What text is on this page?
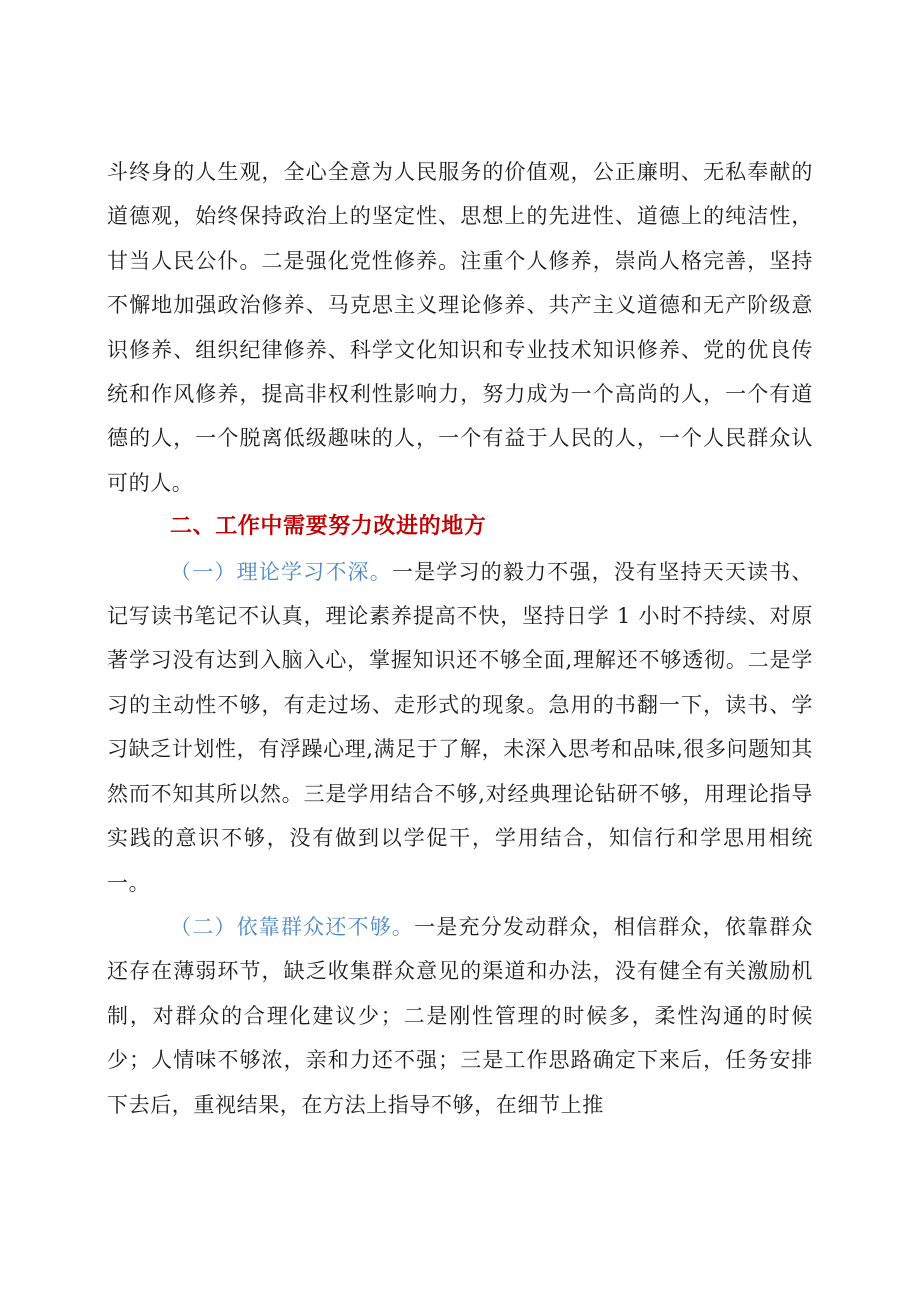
斗终身的人生观，全心全意为人民服务的价值观，公正廉明、无私奉献的道德观，始终保持政治上的坚定性、思想上的先进性、道德上的纯洁性，甘当人民公仆。二是强化党性修养。注重个人修养，崇尚人格完善，坚持不懈地加强政治修养、马克思主义理论修养、共产主义道德和无产阶级意识修养、组织纪律修养、科学文化知识和专业技术知识修养、党的优良传统和作风修养，提高非权利性影响力，努力成为一个高尚的人，一个有道德的人，一个脱离低级趣味的人，一个有益于人民的人，一个人民群众认可的人。

二、工作中需要努力改进的地方

（一）理论学习不深。一是学习的毅力不强，没有坚持天天读书、记写读书笔记不认真，理论素养提高不快，坚持日学 1 小时不持续、对原著学习没有达到入脑入心，掌握知识还不够全面,理解还不够透彻。二是学习的主动性不够，有走过场、走形式的现象。急用的书翻一下，读书、学习缺乏计划性，有浮躁心理,满足于了解，未深入思考和品味,很多问题知其然而不知其所以然。三是学用结合不够,对经典理论钻研不够，用理论指导实践的意识不够，没有做到以学促干，学用结合，知信行和学思用相统一。

（二）依靠群众还不够。一是充分发动群众，相信群众，依靠群众还存在薄弱环节，缺乏收集群众意见的渠道和办法，没有健全有关激励机制，对群众的合理化建议少；二是刚性管理的时候多，柔性沟通的时候少；人情味不够浓，亲和力还不强；三是工作思路确定下来后，任务安排下去后，重视结果，在方法上指导不够，在细节上推
